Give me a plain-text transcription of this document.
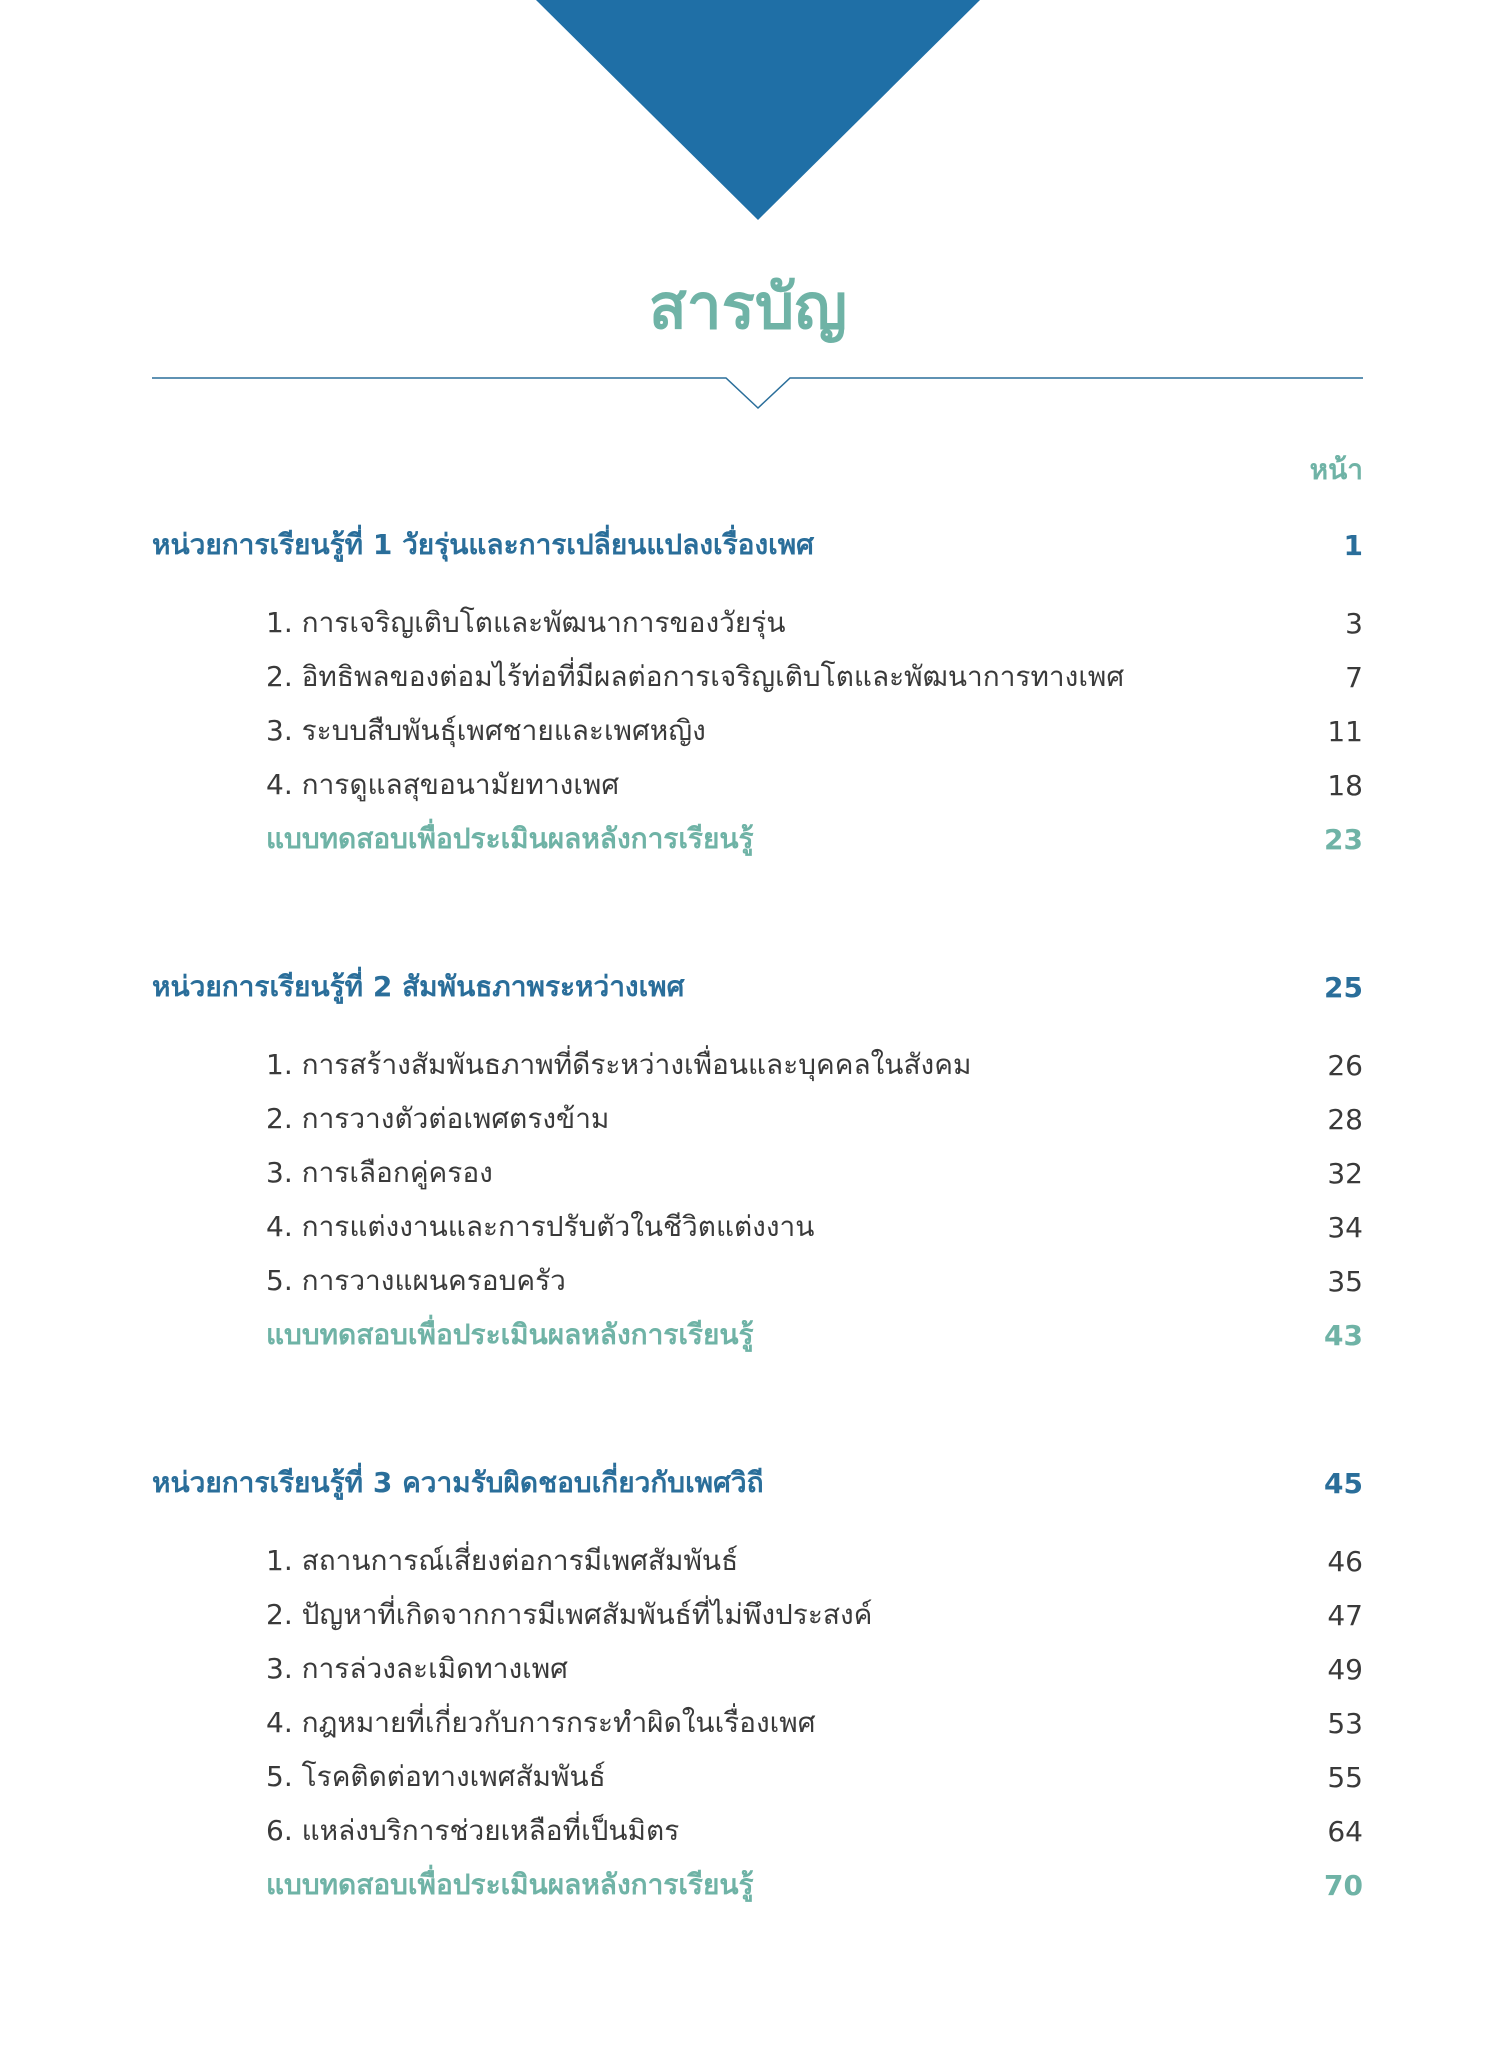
สารบัญ
หน้า
หน่วยการเรียนรู้ที่ 1 วัยรุ่นและการเปลี่ยนแปลงเรื่องเพศ	1
1. การเจริญเติบโตและพัฒนาการของวัยรุ่น	3
2. อิทธิพลของต่อมไร้ท่อที่มีผลต่อการเจริญเติบโตและพัฒนาการทางเพศ	7
3. ระบบสืบพันธุ์เพศชายและเพศหญิง	11
4. การดูแลสุขอนามัยทางเพศ	18
แบบทดสอบเพื่อประเมินผลหลังการเรียนรู้	23
หน่วยการเรียนรู้ที่ 2 สัมพันธภาพระหว่างเพศ	25
1. การสร้างสัมพันธภาพที่ดีระหว่างเพื่อนและบุคคลในสังคม	26
2. การวางตัวต่อเพศตรงข้าม	28
3. การเลือกคู่ครอง	32
4. การแต่งงานและการปรับตัวในชีวิตแต่งงาน	34
5. การวางแผนครอบครัว	35
แบบทดสอบเพื่อประเมินผลหลังการเรียนรู้	43
หน่วยการเรียนรู้ที่ 3 ความรับผิดชอบเกี่ยวกับเพศวิถี	45
1. สถานการณ์เสี่ยงต่อการมีเพศสัมพันธ์	46
2. ปัญหาที่เกิดจากการมีเพศสัมพันธ์ที่ไม่พึงประสงค์	47
3. การล่วงละเมิดทางเพศ	49
4. กฎหมายที่เกี่ยวกับการกระทำผิดในเรื่องเพศ	53
5. โรคติดต่อทางเพศสัมพันธ์	55
6. แหล่งบริการช่วยเหลือที่เป็นมิตร	64
แบบทดสอบเพื่อประเมินผลหลังการเรียนรู้	70
